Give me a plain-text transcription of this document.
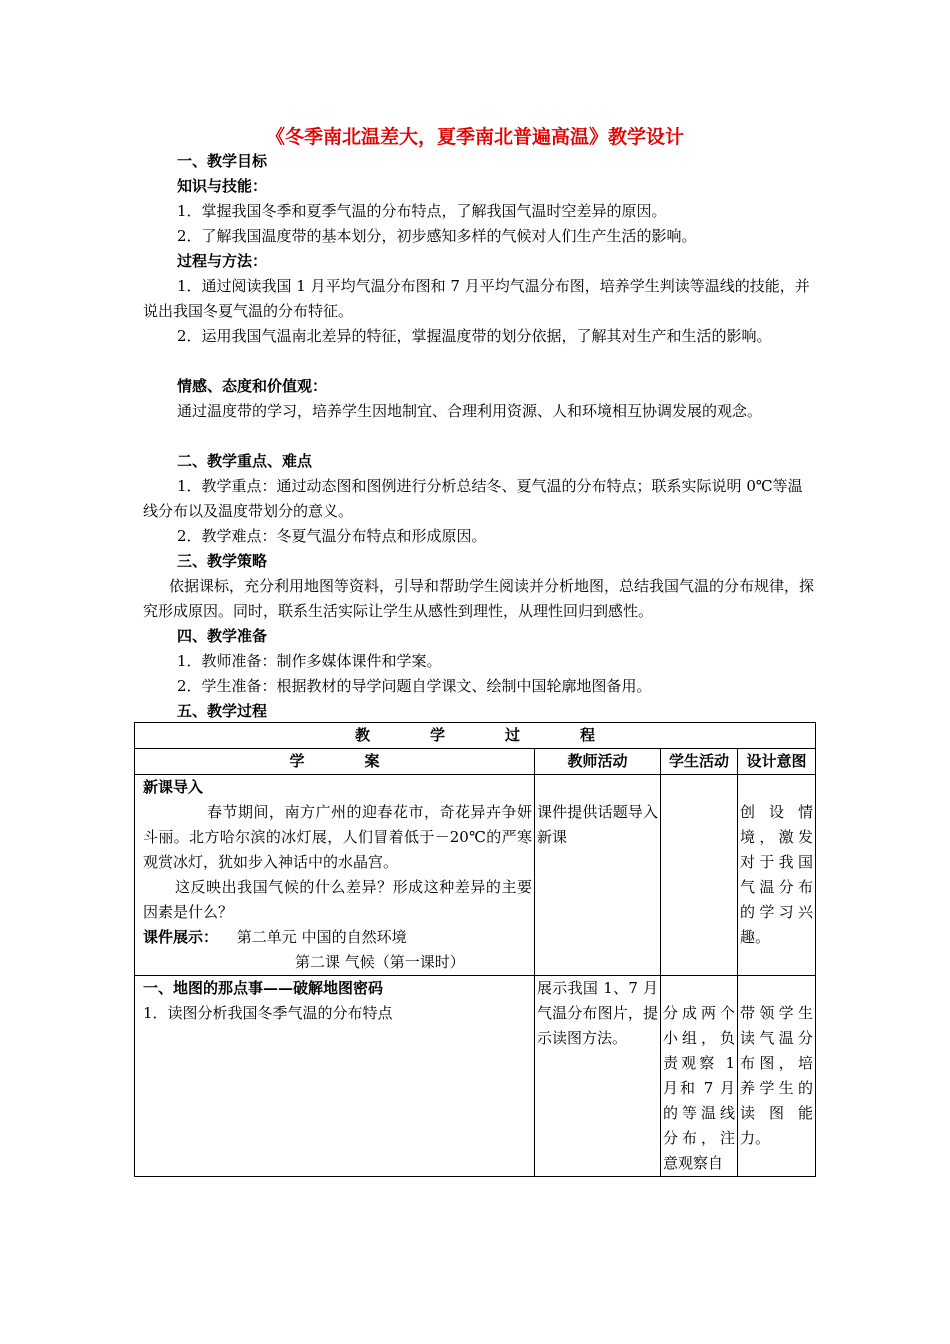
《冬季南北温差大，夏季南北普遍高温》教学设计
一、教学目标
知识与技能：
1．掌握我国冬季和夏季气温的分布特点，了解我国气温时空差异的原因。
2．了解我国温度带的基本划分，初步感知多样的气候对人们生产生活的影响。
过程与方法：
1．通过阅读我国 1 月平均气温分布图和 7 月平均气温分布图，培养学生判读等温线的技能，并说出我国冬夏气温的分布特征。
2．运用我国气温南北差异的特征，掌握温度带的划分依据，了解其对生产和生活的影响。
情感、态度和价值观：
通过温度带的学习，培养学生因地制宜、合理利用资源、人和环境相互协调发展的观念。
二、教学重点、难点
1．教学重点：通过动态图和图例进行分析总结冬、夏气温的分布特点；联系实际说明 0℃等温线分布以及温度带划分的意义。
2．教学难点：冬夏气温分布特点和形成原因。
三、教学策略
依据课标，充分利用地图等资料，引导和帮助学生阅读并分析地图，总结我国气温的分布规律，探究形成原因。同时，联系生活实际让学生从感性到理性，从理性回归到感性。
四、教学准备
1．教师准备：制作多媒体课件和学案。
2．学生准备：根据教材的导学问题自学课文、绘制中国轮廓地图备用。
五、教学过程
教　　　　学　　　　过　　　　程			
学　　　　案	教师活动	学生活动	设计意图

新课导入
春节期间，南方广州的迎春花市，奇花异卉争妍斗丽。北方哈尔滨的冰灯展，人们冒着低于－20℃的严寒观赏冰灯，犹如步入神话中的水晶宫。
这反映出我国气候的什么差异？形成这种差异的主要因素是什么？
课件展示： 第二单元 中国的自然环境
第二课 气候（第一课时）	课件提供话题导入新课		创设情境，激发对于我国气温分布的学习兴趣。

一、地图的那点事——破解地图密码
1．读图分析我国冬季气温的分布特点	展示我国 1、7 月气温分布图片，提示读图方法。	分成两个小组，负责观察 1 月和 7 月的等温线分布，注意观察自	带领学生读气温分布图，培养学生的读图能力。
